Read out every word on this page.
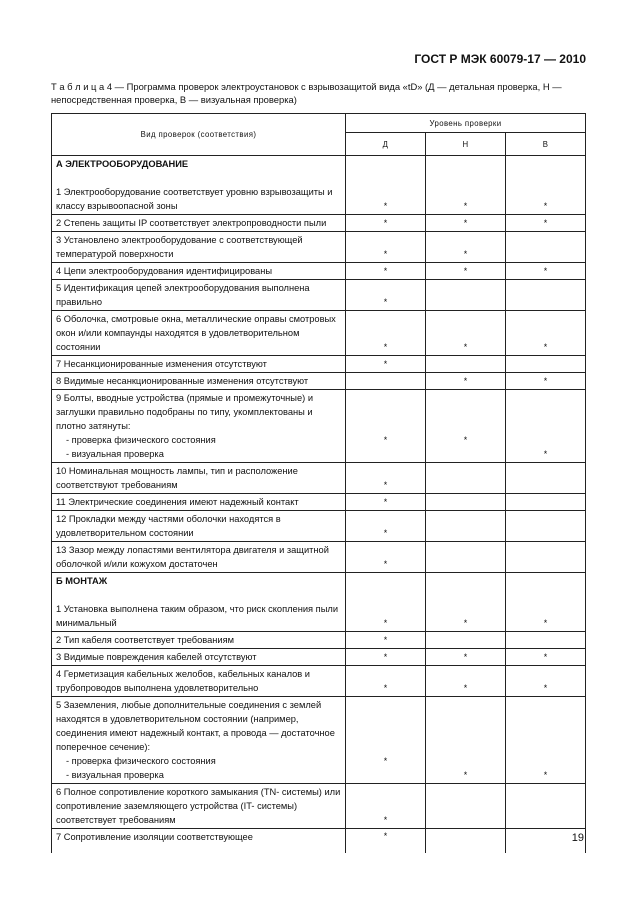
ГОСТ Р МЭК 60079-17 — 2010
Т а б л и ц а 4 — Программа проверок электроустановок с взрывозащитой вида «tD» (Д — детальная проверка, Н — непосредственная проверка, В — визуальная проверка)
Вид проверок (соответствия)	Уровень проверки		
	Д	Н	В

А ЭЛЕКТРООБОРУДОВАНИЕ
1 Электрооборудование соответствует уровню взрывозащиты и классу взрывоопасной зоны	*	*	*
2 Степень защиты IP соответствует электропроводности пыли	*	*	*
3 Установлено электрооборудование с соответствующей температурой поверхности	*	*	
4 Цепи электрооборудования идентифицированы	*	*	*
5 Идентификация цепей электрооборудования выполнена правильно	*		
6 Оболочка, смотровые окна, металлические оправы смотровых окон и/или компаунды находятся в удовлетворительном состоянии	*	*	*
7 Несанкционированные изменения отсутствуют	*		
8 Видимые несанкционированные изменения отсутствуют		*	*
9 Болты, вводные устройства (прямые и промежуточные) и заглушки правильно подобраны по типу, укомплектованы и плотно затянуты:
- проверка физического состояния
- визуальная проверка	*	*	*
10 Номинальная мощность лампы, тип и расположение соответствуют требованиям	*		
11 Электрические соединения имеют надежный контакт	*		
12 Прокладки между частями оболочки находятся в удовлетворительном состоянии	*		
13 Зазор между лопастями вентилятора двигателя и защитной оболочкой и/или кожухом достаточен	*		

Б МОНТАЖ
1 Установка выполнена таким образом, что риск скопления пыли минимальный	*	*	*
2 Тип кабеля соответствует требованиям	*		
3 Видимые повреждения кабелей отсутствуют	*	*	*
4 Герметизация кабельных желобов, кабельных каналов и трубопроводов выполнена удовлетворительно	*	*	*
5 Заземления, любые дополнительные соединения с землей находятся в удовлетворительном состоянии (например, соединения имеют надежный контакт, а провода — достаточное поперечное сечение):
- проверка физического состояния
- визуальная проверка	*	*	*
6 Полное сопротивление короткого замыкания (TN- системы) или сопротивление заземляющего устройства (IT- системы) соответствует требованиям	*		
7 Сопротивление изоляции соответствующее	*			19
